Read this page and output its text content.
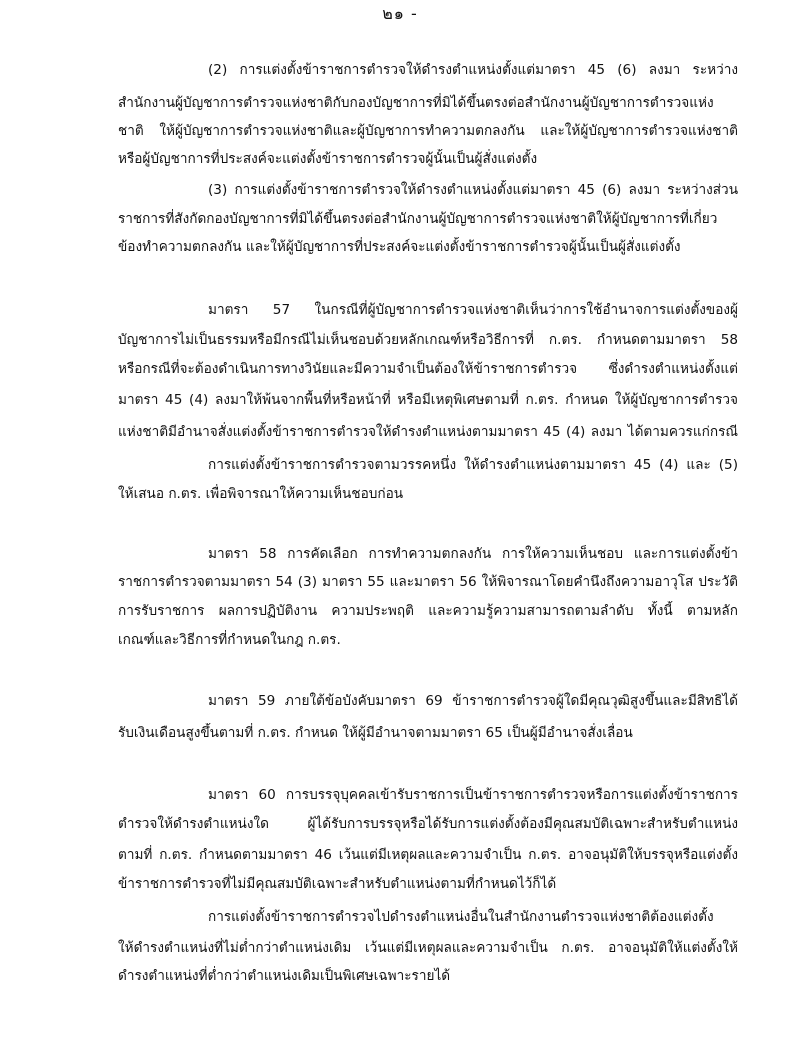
๒๑ -
(2) การแต่งตั้งข้าราชการตำรวจให้ดำรงตำแหน่งตั้งแต่มาตรา 45 (6) ลงมา ระหว่าง
สำนักงานผู้บัญชาการตำรวจแห่งชาติกับกองบัญชาการที่มิได้ขึ้นตรงต่อสำนักงานผู้บัญชาการตำรวจแห่ง
ชาติ ให้ผู้บัญชาการตำรวจแห่งชาติและผู้บัญชาการทำความตกลงกัน และให้ผู้บัญชาการตำรวจแห่งชาติ
หรือผู้บัญชาการที่ประสงค์จะแต่งตั้งข้าราชการตำรวจผู้นั้นเป็นผู้สั่งแต่งตั้ง
(3) การแต่งตั้งข้าราชการตำรวจให้ดำรงตำแหน่งตั้งแต่มาตรา 45 (6) ลงมา ระหว่างส่วน
ราชการที่สังกัดกองบัญชาการที่มิได้ขึ้นตรงต่อสำนักงานผู้บัญชาการตำรวจแห่งชาติให้ผู้บัญชาการที่เกี่ยว
ข้องทำความตกลงกัน และให้ผู้บัญชาการที่ประสงค์จะแต่งตั้งข้าราชการตำรวจผู้นั้นเป็นผู้สั่งแต่งตั้ง
มาตรา 57 ในกรณีที่ผู้บัญชาการตำรวจแห่งชาติเห็นว่าการใช้อำนาจการแต่งตั้งของผู้
บัญชาการไม่เป็นธรรมหรือมีกรณีไม่เห็นชอบด้วยหลักเกณฑ์หรือวิธีการที่ ก.ตร. กำหนดตามมาตรา 58
หรือกรณีที่จะต้องดำเนินการทางวินัยและมีความจำเป็นต้องให้ข้าราชการตำรวจ ซึ่งดำรงตำแหน่งตั้งแต่
มาตรา 45 (4) ลงมาให้พ้นจากพื้นที่หรือหน้าที่ หรือมีเหตุพิเศษตามที่ ก.ตร. กำหนด ให้ผู้บัญชาการตำรวจ
แห่งชาติมีอำนาจสั่งแต่งตั้งข้าราชการตำรวจให้ดำรงตำแหน่งตามมาตรา 45 (4) ลงมา ได้ตามควรแก่กรณี
การแต่งตั้งข้าราชการตำรวจตามวรรคหนึ่ง ให้ดำรงตำแหน่งตามมาตรา 45 (4) และ (5)
ให้เสนอ ก.ตร. เพื่อพิจารณาให้ความเห็นชอบก่อน
มาตรา 58 การคัดเลือก การทำความตกลงกัน การให้ความเห็นชอบ และการแต่งตั้งข้า
ราชการตำรวจตามมาตรา 54 (3) มาตรา 55 และมาตรา 56 ให้พิจารณาโดยคำนึงถึงความอาวุโส ประวัติ
การรับราชการ ผลการปฏิบัติงาน ความประพฤติ และความรู้ความสามารถตามลำดับ ทั้งนี้ ตามหลัก
เกณฑ์และวิธีการที่กำหนดในกฎ ก.ตร.
มาตรา 59 ภายใต้ข้อบังคับมาตรา 69 ข้าราชการตำรวจผู้ใดมีคุณวุฒิสูงขึ้นและมีสิทธิได้
รับเงินเดือนสูงขึ้นตามที่ ก.ตร. กำหนด ให้ผู้มีอำนาจตามมาตรา 65 เป็นผู้มีอำนาจสั่งเลื่อน
มาตรา 60 การบรรจุบุคคลเข้ารับราชการเป็นข้าราชการตำรวจหรือการแต่งตั้งข้าราชการ
ตำรวจให้ดำรงตำแหน่งใด ผู้ได้รับการบรรจุหรือได้รับการแต่งตั้งต้องมีคุณสมบัติเฉพาะสำหรับตำแหน่ง
ตามที่ ก.ตร. กำหนดตามมาตรา 46 เว้นแต่มีเหตุผลและความจำเป็น ก.ตร. อาจอนุมัติให้บรรจุหรือแต่งตั้ง
ข้าราชการตำรวจที่ไม่มีคุณสมบัติเฉพาะสำหรับตำแหน่งตามที่กำหนดไว้ก็ได้
การแต่งตั้งข้าราชการตำรวจไปดำรงตำแหน่งอื่นในสำนักงานตำรวจแห่งชาติต้องแต่งตั้ง
ให้ดำรงตำแหน่งที่ไม่ต่ำกว่าตำแหน่งเดิม เว้นแต่มีเหตุผลและความจำเป็น ก.ตร. อาจอนุมัติให้แต่งตั้งให้
ดำรงตำแหน่งที่ต่ำกว่าตำแหน่งเดิมเป็นพิเศษเฉพาะรายได้
